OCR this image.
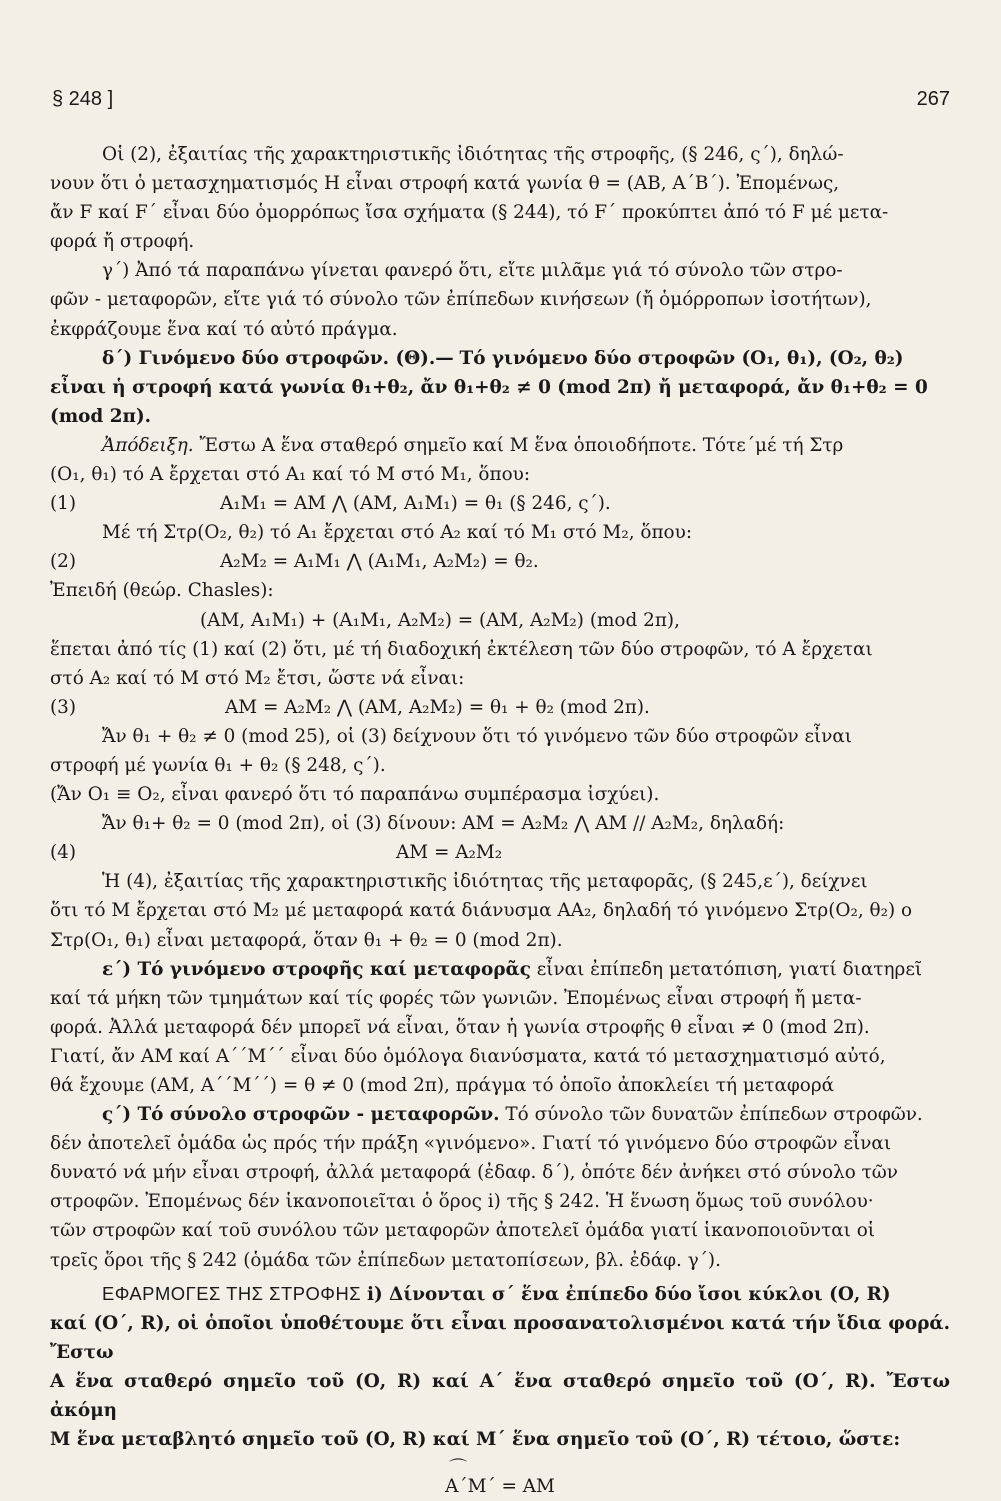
§ 248 ]	267

Οἱ (2), ἐξαιτίας τῆς χαρακτηριστικῆς ἰδιότητας τῆς στροφῆς, (§ 246, ς΄), δηλώ-

νουν ὅτι ὁ μετασχηματισμός Η εἶναι στροφή κατά γωνία θ = (AB, A΄B΄). Ἐπομένως,

ἄν F καί F΄ εἶναι δύο ὁμορρόπως ἴσα σχήματα (§ 244), τό F΄ προκύπτει ἀπό τό F μέ μετα-

φορά ἤ στροφή.

γ΄) Ἀπό τά παραπάνω γίνεται φανερό ὅτι, εἴτε μιλᾶμε γιά τό σύνολο τῶν στρο-

φῶν - μεταφορῶν, εἴτε γιά τό σύνολο τῶν ἐπίπεδων κινήσεων (ἤ ὁμόρροπων ἰσοτήτων),

ἐκφράζουμε ἕνα καί τό αὐτό πράγμα.

δ΄) Γινόμενο δύο στροφῶν. (Θ).— Τό γινόμενο δύο στροφῶν (Ο₁, θ₁), (Ο₂, θ₂)

εἶναι ἡ στροφή κατά γωνία θ₁+θ₂, ἄν θ₁+θ₂ ≠ 0 (mod 2π) ἤ μεταφορά, ἄν θ₁+θ₂ = 0

(mod 2π).

Ἀπόδειξη. Ἔστω Α ἕνα σταθερό σημεῖο καί Μ ἕνα ὁποιοδήποτε. Τότε΄μέ τή Στρ

(Ο₁, θ₁) τό Α ἔρχεται στό Α₁ καί τό Μ στό Μ₁, ὅπου:

(1)	A₁M₁ = AM ⋀ (AM, A₁M₁) = θ₁ (§ 246, ς΄).

Μέ τή Στρ(Ο₂, θ₂) τό Α₁ ἔρχεται στό Α₂ καί τό Μ₁ στό Μ₂, ὅπου:

(2)	A₂M₂ = A₁M₁ ⋀ (A₁M₁, A₂M₂) = θ₂.

Ἐπειδή (θεώρ. Chasles):

(AM, A₁M₁) + (A₁M₁, A₂M₂) = (AM, A₂M₂) (mod 2π),

ἕπεται ἀπό τίς (1) καί (2) ὅτι, μέ τή διαδοχική ἐκτέλεση τῶν δύο στροφῶν, τό Α ἔρχεται

στό Α₂ καί τό Μ στό Μ₂ ἔτσι, ὥστε νά εἶναι:

(3)	AM = A₂M₂ ⋀ (AM, A₂M₂) = θ₁ + θ₂ (mod 2π).

Ἄν θ₁ + θ₂ ≠ 0 (mod 25), οἱ (3) δείχνουν ὅτι τό γινόμενο τῶν δύο στροφῶν εἶναι

στροφή μέ γωνία θ₁ + θ₂ (§ 248, ς΄).

(Ἄν Ο₁ ≡ Ο₂, εἶναι φανερό ὅτι τό παραπάνω συμπέρασμα ἰσχύει).

Ἄν θ₁+ θ₂ = 0 (mod 2π), οἱ (3) δίνουν: AM = A₂M₂ ⋀ AM // A₂M₂, δηλαδή:

(4)	AM = A₂M₂

Ἡ (4), ἐξαιτίας τῆς χαρακτηριστικῆς ἰδιότητας τῆς μεταφορᾶς, (§ 245,ε΄), δείχνει

ὅτι τό Μ ἔρχεται στό Μ₂ μέ μεταφορά κατά διάνυσμα AA₂, δηλαδή τό γινόμενο Στρ(Ο₂, θ₂) ο

Στρ(Ο₁, θ₁) εἶναι μεταφορά, ὅταν θ₁ + θ₂ = 0 (mod 2π).

ε΄) Τό γινόμενο στροφῆς καί μεταφορᾶς εἶναι ἐπίπεδη μετατόπιση, γιατί διατηρεῖ

καί τά μήκη τῶν τμημάτων καί τίς φορές τῶν γωνιῶν. Ἐπομένως εἶναι στροφή ἤ μετα-

φορά. Ἀλλά μεταφορά δέν μπορεῖ νά εἶναι, ὅταν ἡ γωνία στροφῆς θ εἶναι ≠ 0 (mod 2π).

Γιατί, ἄν AM καί A΄΄M΄΄ εἶναι δύο ὁμόλογα διανύσματα, κατά τό μετασχηματισμό αὐτό,

θά ἔχουμε (AM, A΄΄M΄΄) = θ ≠ 0 (mod 2π), πράγμα τό ὁποῖο ἀποκλείει τή μεταφορά

ς΄) Τό σύνολο στροφῶν - μεταφορῶν. Τό σύνολο τῶν δυνατῶν ἐπίπεδων στροφῶν.

δέν ἀποτελεῖ ὁμάδα ὡς πρός τήν πράξη «γινόμενο». Γιατί τό γινόμενο δύο στροφῶν εἶναι

δυνατό νά μήν εἶναι στροφή, ἀλλά μεταφορά (ἐδαφ. δ΄), ὁπότε δέν ἀνήκει στό σύνολο τῶν

στροφῶν. Ἐπομένως δέν ἱκανοποιεῖται ὁ ὅρος i) τῆς § 242. Ἡ ἕνωση ὅμως τοῦ συνόλου·

τῶν στροφῶν καί τοῦ συνόλου τῶν μεταφορῶν ἀποτελεῖ ὁμάδα γιατί ἱκανοποιοῦνται οἱ

τρεῖς ὅροι τῆς § 242 (ὁμάδα τῶν ἐπίπεδων μετατοπίσεων, βλ. ἐδάφ. γ΄).

ΕΦΑΡΜΟΓΕΣ ΤΗΣ ΣΤΡΟΦΗΣ i) Δίνονται σ΄ ἕνα ἐπίπεδο δύο ἴσοι κύκλοι (Ο, R)

καί (Ο΄, R), οἱ ὁποῖοι ὑποθέτουμε ὅτι εἶναι προσανατολισμένοι κατά τήν ἴδια φορά. Ἔστω

Α ἕνα σταθερό σημεῖο τοῦ (Ο, R) καί Α΄ ἕνα σταθερό σημεῖο τοῦ (Ο΄, R). Ἔστω ἀκόμη

Μ ἕνα μεταβλητό σημεῖο τοῦ (Ο, R) καί Μ΄ ἕνα σημεῖο τοῦ (Ο΄, R) τέτοιο, ὥστε:

⌒ A΄M΄ = AM
